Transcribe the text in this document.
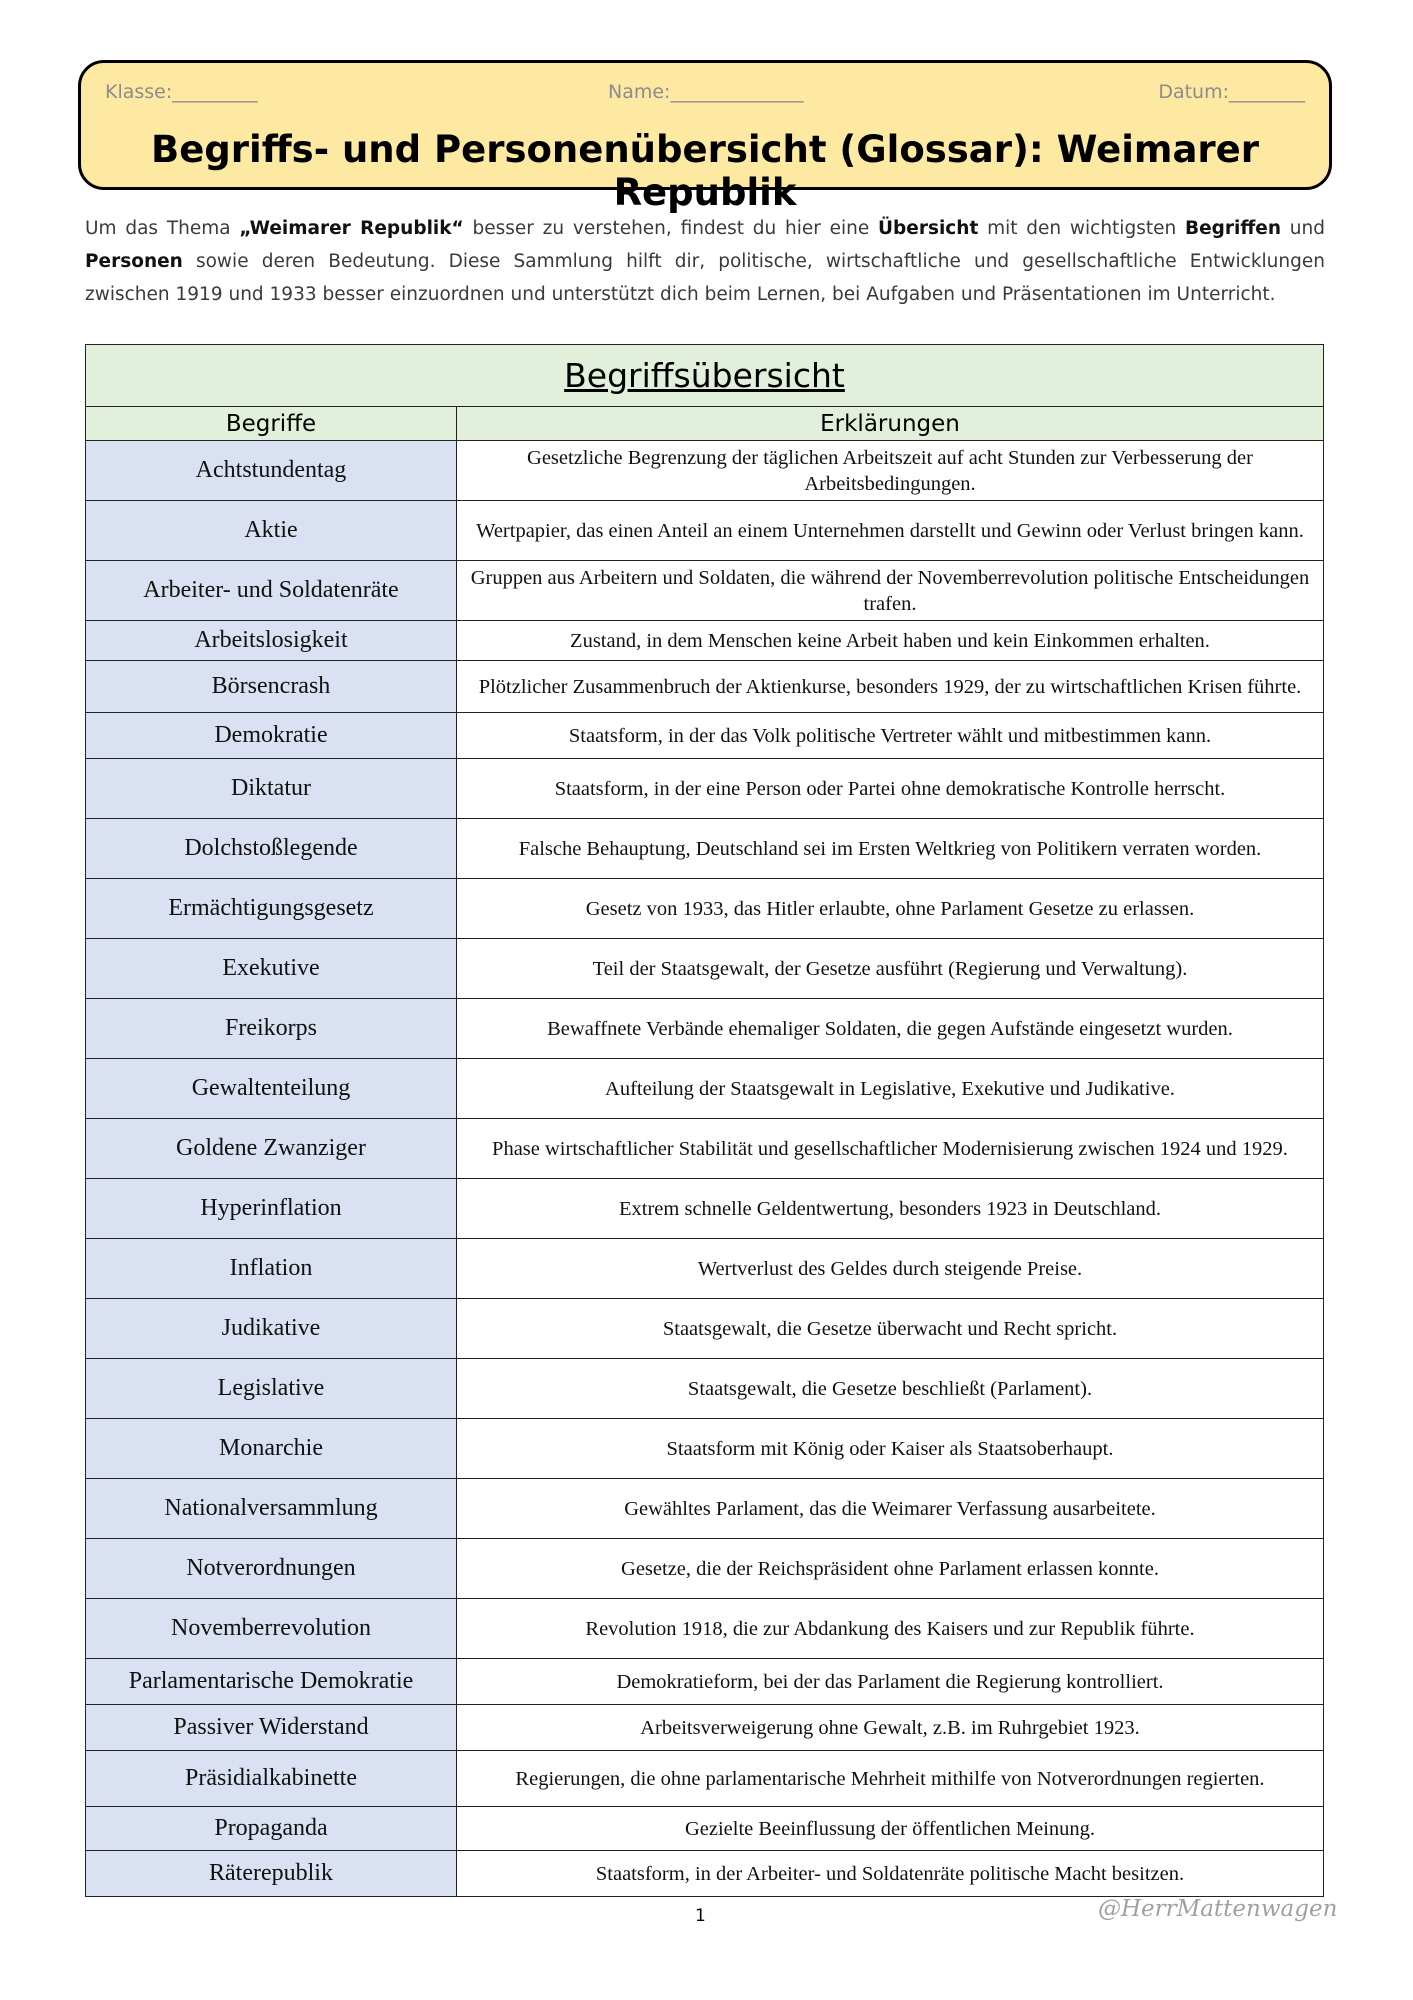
Klasse:_________	Name:______________	Datum:________
Begriffs- und Personenübersicht (Glossar): Weimarer Republik
Um das Thema „Weimarer Republik“ besser zu verstehen, findest du hier eine Übersicht mit den wichtigsten Begriffen und Personen sowie deren Bedeutung. Diese Sammlung hilft dir, politische, wirtschaftliche und gesellschaftliche Entwicklungen zwischen 1919 und 1933 besser einzuordnen und unterstützt dich beim Lernen, bei Aufgaben und Präsentationen im Unterricht.
Begriffsübersicht	
Begriffe	Erklärungen
Achtstundentag	Gesetzliche Begrenzung der täglichen Arbeitszeit auf acht Stunden zur Verbesserung der Arbeitsbedingungen.
Aktie	Wertpapier, das einen Anteil an einem Unternehmen darstellt und Gewinn oder Verlust bringen kann.
Arbeiter- und Soldatenräte	Gruppen aus Arbeitern und Soldaten, die während der Novemberrevolution politische Entscheidungen trafen.
Arbeitslosigkeit	Zustand, in dem Menschen keine Arbeit haben und kein Einkommen erhalten.
Börsencrash	Plötzlicher Zusammenbruch der Aktienkurse, besonders 1929, der zu wirtschaftlichen Krisen führte.
Demokratie	Staatsform, in der das Volk politische Vertreter wählt und mitbestimmen kann.
Diktatur	Staatsform, in der eine Person oder Partei ohne demokratische Kontrolle herrscht.
Dolchstoßlegende	Falsche Behauptung, Deutschland sei im Ersten Weltkrieg von Politikern verraten worden.
Ermächtigungsgesetz	Gesetz von 1933, das Hitler erlaubte, ohne Parlament Gesetze zu erlassen.
Exekutive	Teil der Staatsgewalt, der Gesetze ausführt (Regierung und Verwaltung).
Freikorps	Bewaffnete Verbände ehemaliger Soldaten, die gegen Aufstände eingesetzt wurden.
Gewaltenteilung	Aufteilung der Staatsgewalt in Legislative, Exekutive und Judikative.
Goldene Zwanziger	Phase wirtschaftlicher Stabilität und gesellschaftlicher Modernisierung zwischen 1924 und 1929.
Hyperinflation	Extrem schnelle Geldentwertung, besonders 1923 in Deutschland.
Inflation	Wertverlust des Geldes durch steigende Preise.
Judikative	Staatsgewalt, die Gesetze überwacht und Recht spricht.
Legislative	Staatsgewalt, die Gesetze beschließt (Parlament).
Monarchie	Staatsform mit König oder Kaiser als Staatsoberhaupt.
Nationalversammlung	Gewähltes Parlament, das die Weimarer Verfassung ausarbeitete.
Notverordnungen	Gesetze, die der Reichspräsident ohne Parlament erlassen konnte.
Novemberrevolution	Revolution 1918, die zur Abdankung des Kaisers und zur Republik führte.
Parlamentarische Demokratie	Demokratieform, bei der das Parlament die Regierung kontrolliert.
Passiver Widerstand	Arbeitsverweigerung ohne Gewalt, z.B. im Ruhrgebiet 1923.
Präsidialkabinette	Regierungen, die ohne parlamentarische Mehrheit mithilfe von Notverordnungen regierten.
Propaganda	Gezielte Beeinflussung der öffentlichen Meinung.
Räterepublik	Staatsform, in der Arbeiter- und Soldatenräte politische Macht besitzen.
1	@HerrMattenwagen
